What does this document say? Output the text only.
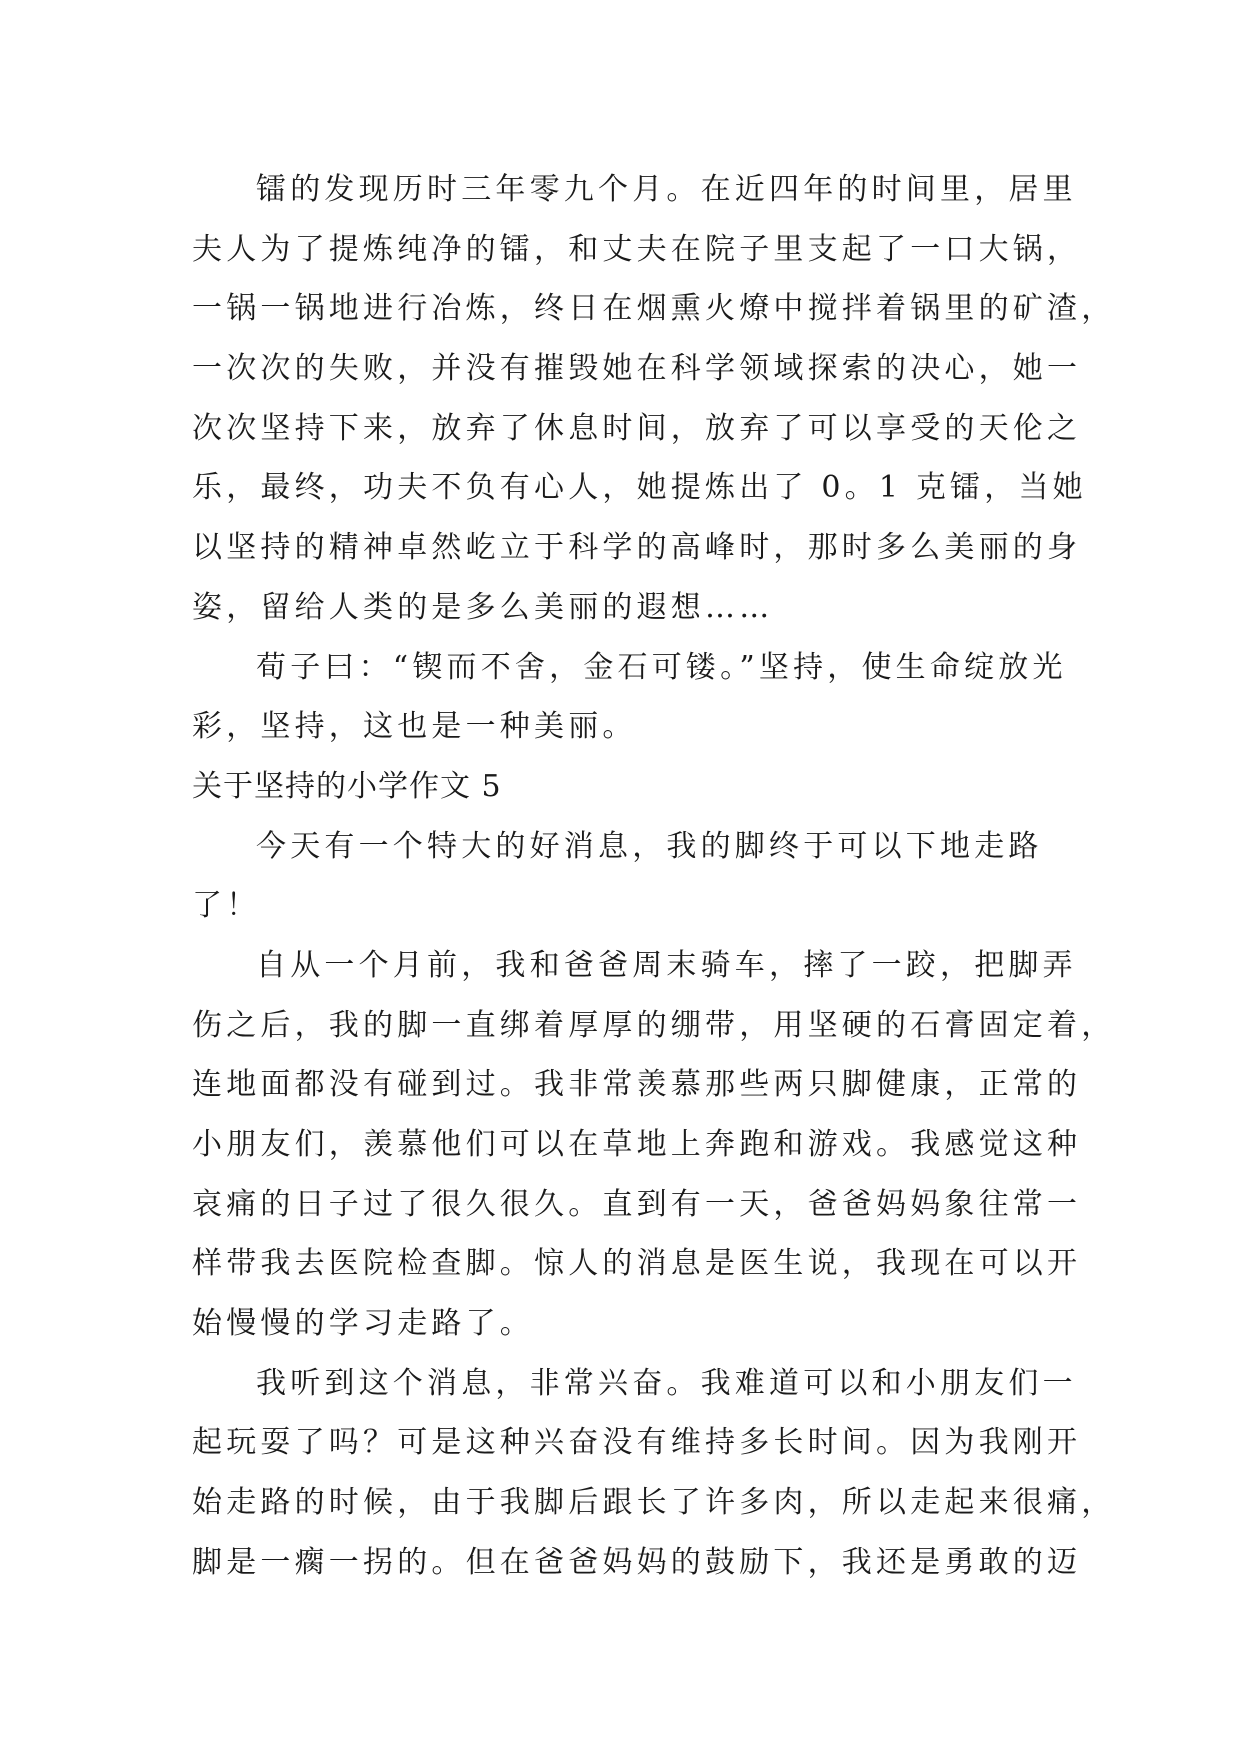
镭的发现历时三年零九个月。在近四年的时间里，居里
夫人为了提炼纯净的镭，和丈夫在院子里支起了一口大锅，
一锅一锅地进行冶炼，终日在烟熏火燎中搅拌着锅里的矿渣，
一次次的失败，并没有摧毁她在科学领域探索的决心，她一
次次坚持下来，放弃了休息时间，放弃了可以享受的天伦之
乐，最终，功夫不负有心人，她提炼出了 0。1 克镭，当她
以坚持的精神卓然屹立于科学的高峰时，那时多么美丽的身
姿，留给人类的是多么美丽的遐想……
荀子曰：“锲而不舍，金石可镂。”坚持，使生命绽放光
彩，坚持，这也是一种美丽。
关于坚持的小学作文 5
今天有一个特大的好消息，我的脚终于可以下地走路
了！
自从一个月前，我和爸爸周末骑车，摔了一跤，把脚弄
伤之后，我的脚一直绑着厚厚的绷带，用坚硬的石膏固定着，
连地面都没有碰到过。我非常羡慕那些两只脚健康，正常的
小朋友们，羡慕他们可以在草地上奔跑和游戏。我感觉这种
哀痛的日子过了很久很久。直到有一天，爸爸妈妈象往常一
样带我去医院检查脚。惊人的消息是医生说，我现在可以开
始慢慢的学习走路了。
我听到这个消息，非常兴奋。我难道可以和小朋友们一
起玩耍了吗？可是这种兴奋没有维持多长时间。因为我刚开
始走路的时候，由于我脚后跟长了许多肉，所以走起来很痛，
脚是一瘸一拐的。但在爸爸妈妈的鼓励下，我还是勇敢的迈
